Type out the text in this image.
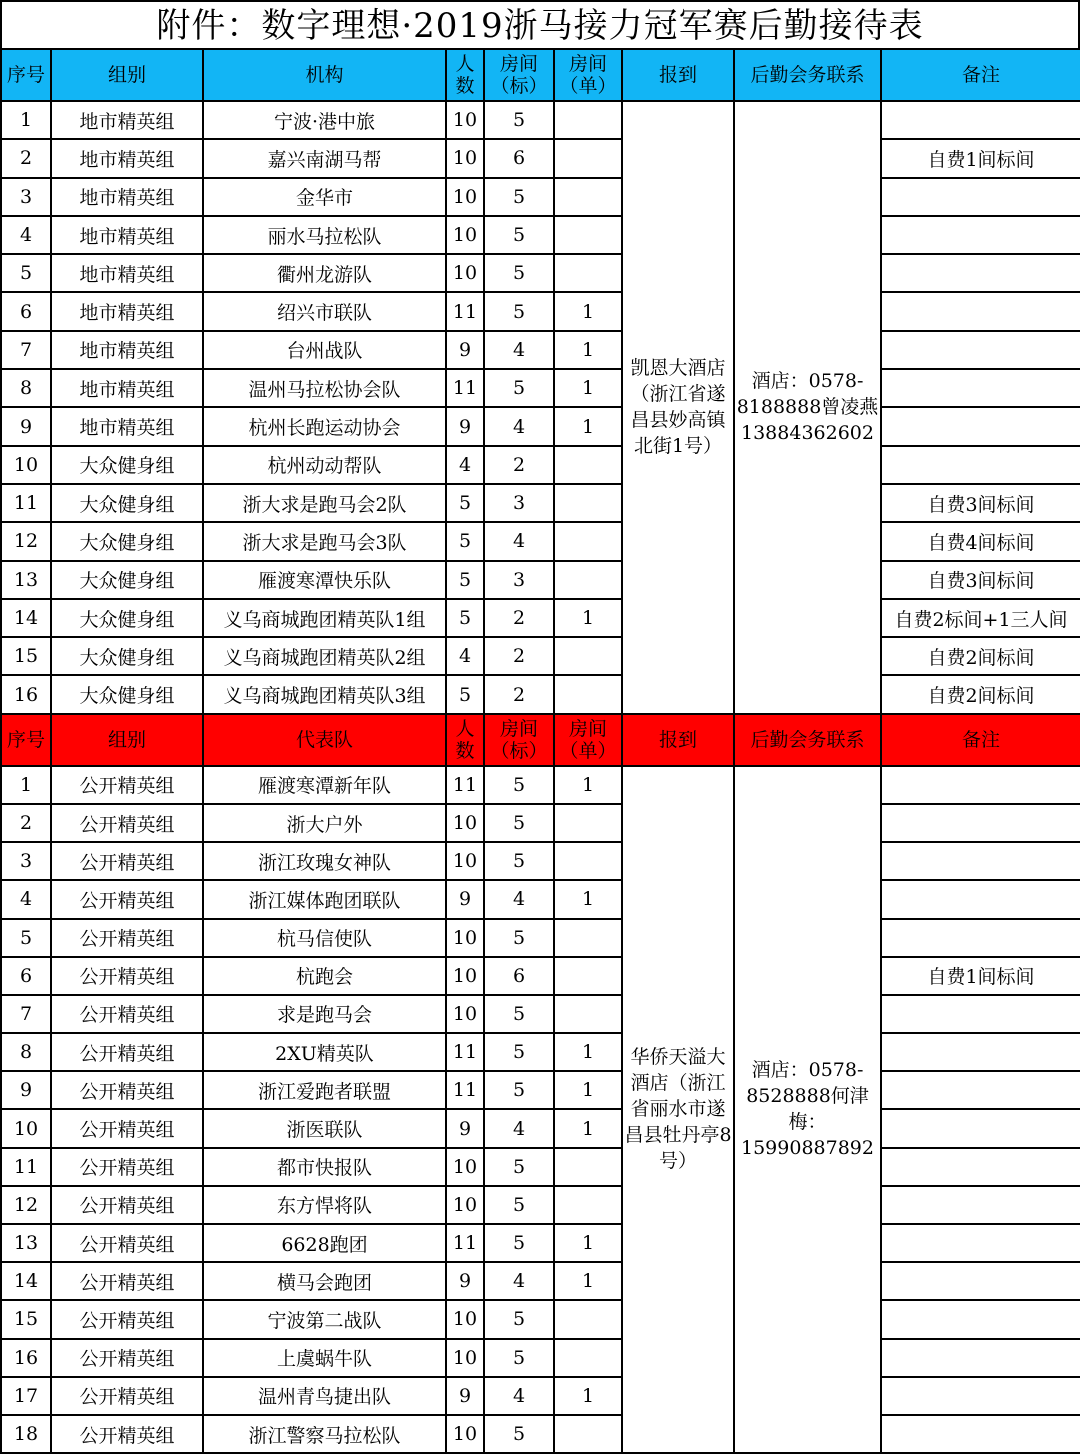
附件：数字理想·2019浙马接力冠军赛后勤接待表
序号	组别	机构	人数	房间（标）	房间（单）	报到	后勤会务联系	备注
1	地市精英组	宁波·港中旅	10	5		凯恩大酒店（浙江省遂昌县妙高镇北街1号）	酒店：0578-8188888曾凌燕13884362602	
2	地市精英组	嘉兴南湖马帮	10	6				自费1间标间
3	地市精英组	金华市	10	5				
4	地市精英组	丽水马拉松队	10	5				
5	地市精英组	衢州龙游队	10	5				
6	地市精英组	绍兴市联队	11	5	1			
7	地市精英组	台州战队	9	4	1			
8	地市精英组	温州马拉松协会队	11	5	1			
9	地市精英组	杭州长跑运动协会	9	4	1			
10	大众健身组	杭州动动帮队	4	2				
11	大众健身组	浙大求是跑马会2队	5	3				自费3间标间
12	大众健身组	浙大求是跑马会3队	5	4				自费4间标间
13	大众健身组	雁渡寒潭快乐队	5	3				自费3间标间
14	大众健身组	义乌商城跑团精英队1组	5	2	1			自费2标间+1三人间
15	大众健身组	义乌商城跑团精英队2组	4	2				自费2间标间
16	大众健身组	义乌商城跑团精英队3组	5	2				自费2间标间
序号	组别	代表队	人数	房间（标）	房间（单）	报到	后勤会务联系	备注
1	公开精英组	雁渡寒潭新年队	11	5	1	华侨天溢大酒店（浙江省丽水市遂昌县牡丹亭8号）	酒店：0578-8528888何津梅：15990887892	
2	公开精英组	浙大户外	10	5				
3	公开精英组	浙江玫瑰女神队	10	5				
4	公开精英组	浙江媒体跑团联队	9	4	1			
5	公开精英组	杭马信使队	10	5				
6	公开精英组	杭跑会	10	6				自费1间标间
7	公开精英组	求是跑马会	10	5				
8	公开精英组	2XU精英队	11	5	1			
9	公开精英组	浙江爱跑者联盟	11	5	1			
10	公开精英组	浙医联队	9	4	1			
11	公开精英组	都市快报队	10	5				
12	公开精英组	东方悍将队	10	5				
13	公开精英组	6628跑团	11	5	1			
14	公开精英组	横马会跑团	9	4	1			
15	公开精英组	宁波第二战队	10	5				
16	公开精英组	上虞蜗牛队	10	5				
17	公开精英组	温州青鸟捷出队	9	4	1			
18	公开精英组	浙江警察马拉松队	10	5				
